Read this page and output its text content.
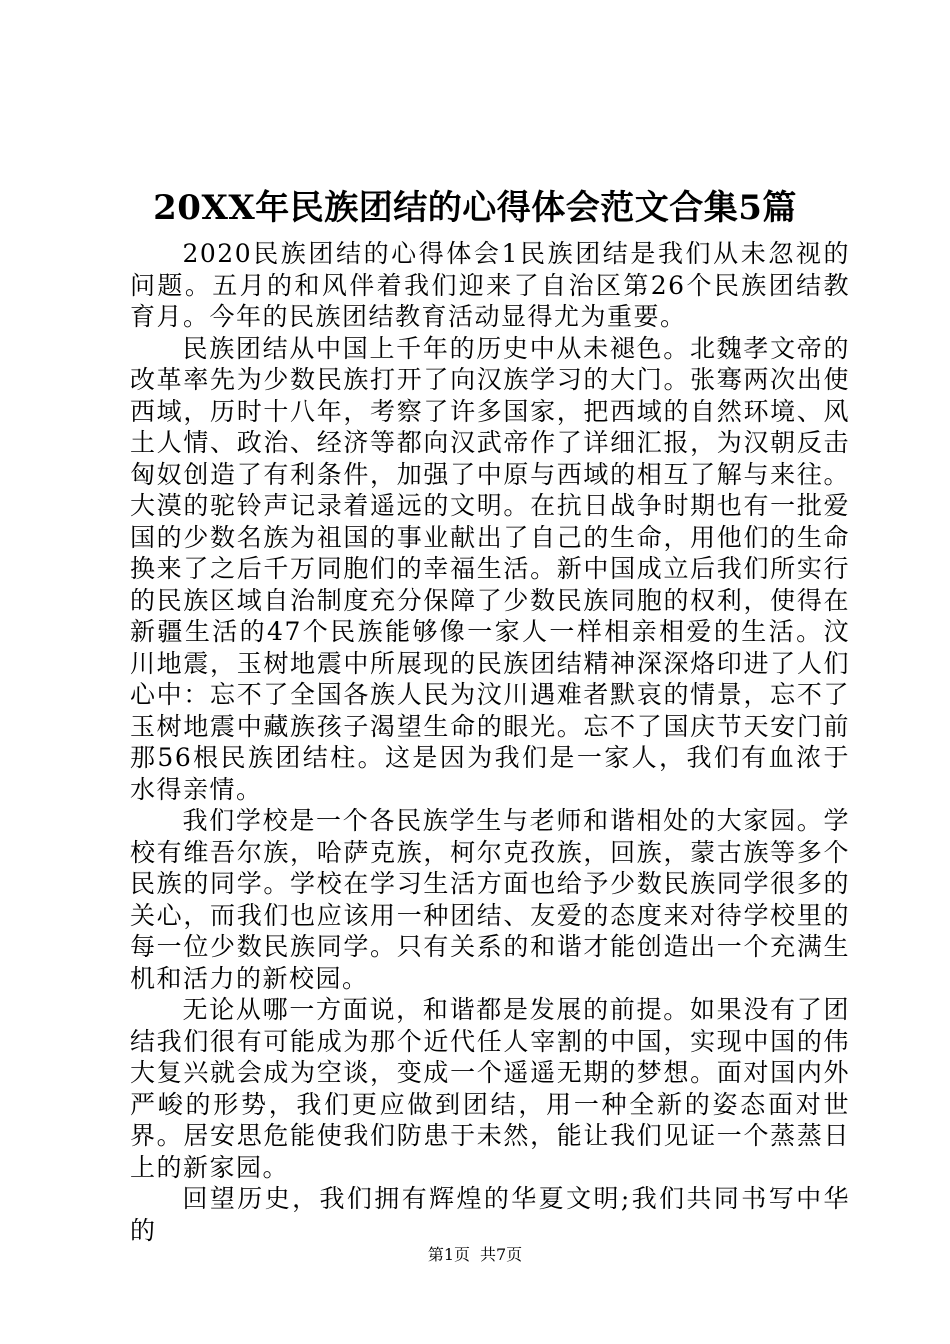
20XX年民族团结的心得体会范文合集5篇

2020民族团结的心得体会1民族团结是我们从未忽视的问题。五月的和风伴着我们迎来了自治区第26个民族团结教育月。今年的民族团结教育活动显得尤为重要。

民族团结从中国上千年的历史中从未褪色。北魏孝文帝的改革率先为少数民族打开了向汉族学习的大门。张骞两次出使西域，历时十八年，考察了许多国家，把西域的自然环境、风土人情、政治、经济等都向汉武帝作了详细汇报，为汉朝反击匈奴创造了有利条件，加强了中原与西域的相互了解与来往。大漠的驼铃声记录着遥远的文明。在抗日战争时期也有一批爱国的少数名族为祖国的事业献出了自己的生命，用他们的生命换来了之后千万同胞们的幸福生活。新中国成立后我们所实行的民族区域自治制度充分保障了少数民族同胞的权利，使得在新疆生活的47个民族能够像一家人一样相亲相爱的生活。汶川地震，玉树地震中所展现的民族团结精神深深烙印进了人们心中：忘不了全国各族人民为汶川遇难者默哀的情景，忘不了玉树地震中藏族孩子渴望生命的眼光。忘不了国庆节天安门前那56根民族团结柱。这是因为我们是一家人，我们有血浓于水得亲情。

我们学校是一个各民族学生与老师和谐相处的大家园。学校有维吾尔族，哈萨克族，柯尔克孜族，回族，蒙古族等多个民族的同学。学校在学习生活方面也给予少数民族同学很多的关心，而我们也应该用一种团结、友爱的态度来对待学校里的每一位少数民族同学。只有关系的和谐才能创造出一个充满生机和活力的新校园。

无论从哪一方面说，和谐都是发展的前提。如果没有了团结我们很有可能成为那个近代任人宰割的中国，实现中国的伟大复兴就会成为空谈，变成一个遥遥无期的梦想。面对国内外严峻的形势，我们更应做到团结，用一种全新的姿态面对世界。居安思危能使我们防患于未然，能让我们见证一个蒸蒸日上的新家园。

回望历史，我们拥有辉煌的华夏文明;我们共同书写中华的

第1页 共7页
